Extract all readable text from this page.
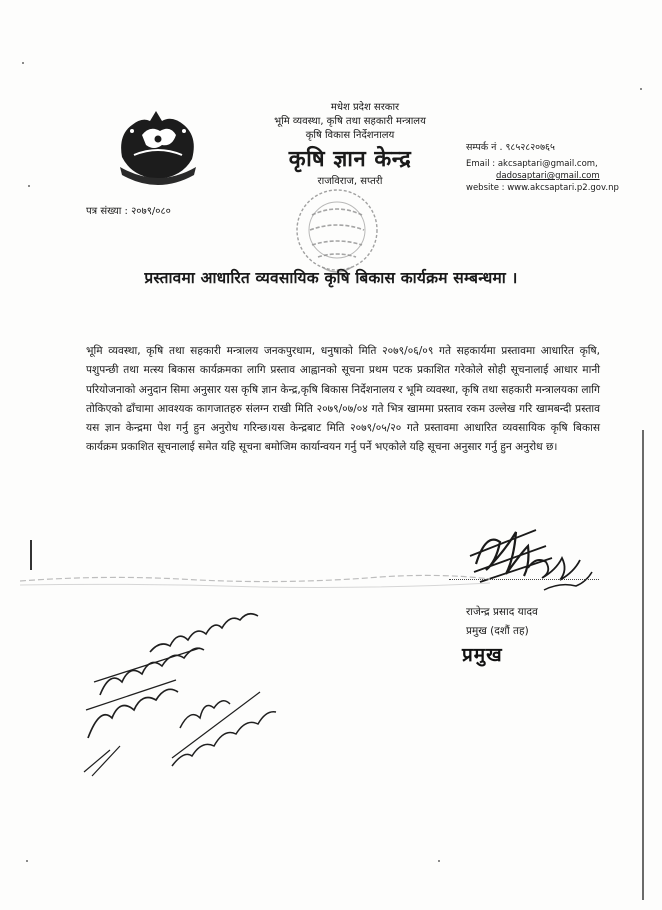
मधेश प्रदेश सरकार
भूमि व्यवस्था, कृषि तथा सहकारी मन्त्रालय
कृषि विकास निर्देशनालय
कृषि ज्ञान केन्द्र
राजविराज, सप्तरी
सम्पर्क नं . ९८५२८२०७६५
Email : akcsaptari@gmail.com,
dadosaptari@gmail.com
website : www.akcsaptari.p2.gov.np
पत्र संख्या : २०७९/०८०
प्रस्तावमा आधारित व्यवसायिक कृषि बिकास कार्यक्रम सम्बन्धमा ।

भूमि व्यवस्था, कृषि तथा सहकारी मन्त्रालय जनकपुरधाम, धनुषाको मिति २०७९/०६/०९ गते सहकार्यमा प्रस्तावमा आधारित कृषि, पशुपन्छी तथा मत्स्य बिकास कार्यक्रमका लागि प्रस्ताव आह्वानको सूचना प्रथम पटक प्रकाशित गरेकोले सोही सूचनालाई आधार मानी परियोजनाको अनुदान सिमा अनुसार यस कृषि ज्ञान केन्द्र,कृषि बिकास निर्देशनालय र भूमि व्यवस्था, कृषि तथा सहकारी मन्त्रालयका लागि तोकिएको ढाँचामा आवश्यक कागजातहरु संलग्न राखी मिति २०७९/०७/०४ गते भित्र खाममा प्रस्ताव रकम उल्लेख गरि खामबन्दी प्रस्ताव यस ज्ञान केन्द्रमा पेश गर्नु हुन अनुरोध गरिन्छ।यस केन्द्रबाट मिति २०७९/०५/२० गते प्रस्तावमा आधारित व्यवसायिक कृषि बिकास कार्यक्रम प्रकाशित सूचनालाई समेत यहि सूचना बमोजिम कार्यान्वयन गर्नु पर्ने भएकोले यहि सूचना अनुसार गर्नु हुन अनुरोध छ।

राजेन्द्र प्रसाद यादव
प्रमुख (दशौं तह)
प्रमुख
